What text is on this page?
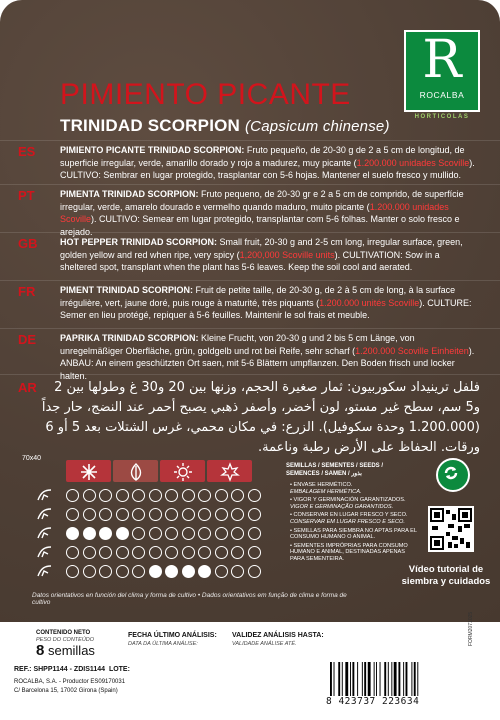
PIMIENTO PICANTE
TRINIDAD SCORPION (Capsicum chinense)
R
ROCALBA
HORTICOLAS
ES	PIMIENTO PICANTE TRINIDAD SCORPION: Fruto pequeño, de 20-30 g de 2 a 5 cm de longitud, de superficie irregular, verde, amarillo dorado y rojo a madurez, muy picante (1.200.000 unidades Scoville). CULTIVO: Sembrar en lugar protegido, trasplantar con 5-6 hojas. Mantener el suelo fresco y mullido.
PT	PIMENTA TRINIDAD SCORPION: Fruto pequeno, de 20-30 gr e 2 a 5 cm de comprido, de superfície irregular, verde, amarelo dourado e vermelho quando maduro, muito picante (1.200.000 unidades Scoville). CULTIVO: Semear em lugar protegido, transplantar com 5-6 folhas. Manter o solo fresco e arejado.
GB	HOT PEPPER TRINIDAD SCORPION: Small fruit, 20-30 g and 2-5 cm long, irregular surface, green, golden yellow and red when ripe, very spicy (1,200,000 Scoville units). CULTIVATION: Sow in a sheltered spot, transplant when the plant has 5-6 leaves. Keep the soil cool and aerated.
FR	PIMENT TRINIDAD SCORPION: Fruit de petite taille, de 20-30 g, de 2 à 5 cm de long, à la surface irrégulière, vert, jaune doré, puis rouge à maturité, très piquants (1.200.000 unités Scoville). CULTURE: Semer en lieu protégé, repiquer à 5-6 feuilles. Maintenir le sol frais et meuble.
DE	PAPRIKA TRINIDAD SCORPION: Kleine Frucht, von 20-30 g und 2 bis 5 cm Länge, von unregelmäßiger Oberfläche, grün, goldgelb und rot bei Reife, sehr scharf (1.200.000 Scoville Einheiten). ANBAU: An einem geschützten Ort saen, mit 5-6 Blättern umpflanzen. Den Boden frisch und locker halten.
AR	فلفل ترينيداد سكوربيون: ثمار صغيرة الحجم، وزنها بين 20 و30 غ وطولها بين 2 و5 سم، سطح غير مستو، لون أخضر، وأصفر ذهبي يصبح أحمر عند النضج، حار جداً (1.200.000 وحدة سكوفيل). الزرع: في مكان محمي، غرس الشتلات بعد 5 أو 6 ورقات. الحفاظ على الأرض رطبة وناعمة.
70x40
Datos orientativos en función del clima y forma de cultivo • Dados orientativos em função de clima e forma de cultivo
SEMILLAS / SEMENTES / SEEDS / SEMENCES / SAMEN / بذور
• ENVASE HERMÉTICO.
EMBALAGEM HERMÉTICA.
• VIGOR Y GERMINACIÓN GARANTIZADOS.
VIGOR E GERMINAÇÃO GARANTIDOS.
• CONSERVAR EN LUGAR FRESCO Y SECO.
CONSERVAR EM LUGAR FRESCO E SECO.
• SEMILLAS PARA SIEMBRA NO APTAS PARA EL CONSUMO HUMANO O ANIMAL.
• SEMENTES IMPRÓPRIAS PARA CONSUMO HUMANO E ANIMAL, DESTINADAS APENAS PARA SEMENTEIRA.
Vídeo tutorial de
siembra y cuidados
CONTENIDO NETO
PESO DO CONTEÚDO
8 semillas
FECHA ÚLTIMO ANÁLISIS:
DATA DA ÚLTIMA ANÁLISE:
VALIDEZ ANÁLISIS HASTA:
VALIDADE ANÁLISE ATÉ.
REF.: SHPP1144 - ZDIS1144 LOTE:
ROCALBA, S.A. - Productor ES09170031
C/ Barcelona 15, 17002 Girona (Spain)
8 423737 223634
FORM2071025
